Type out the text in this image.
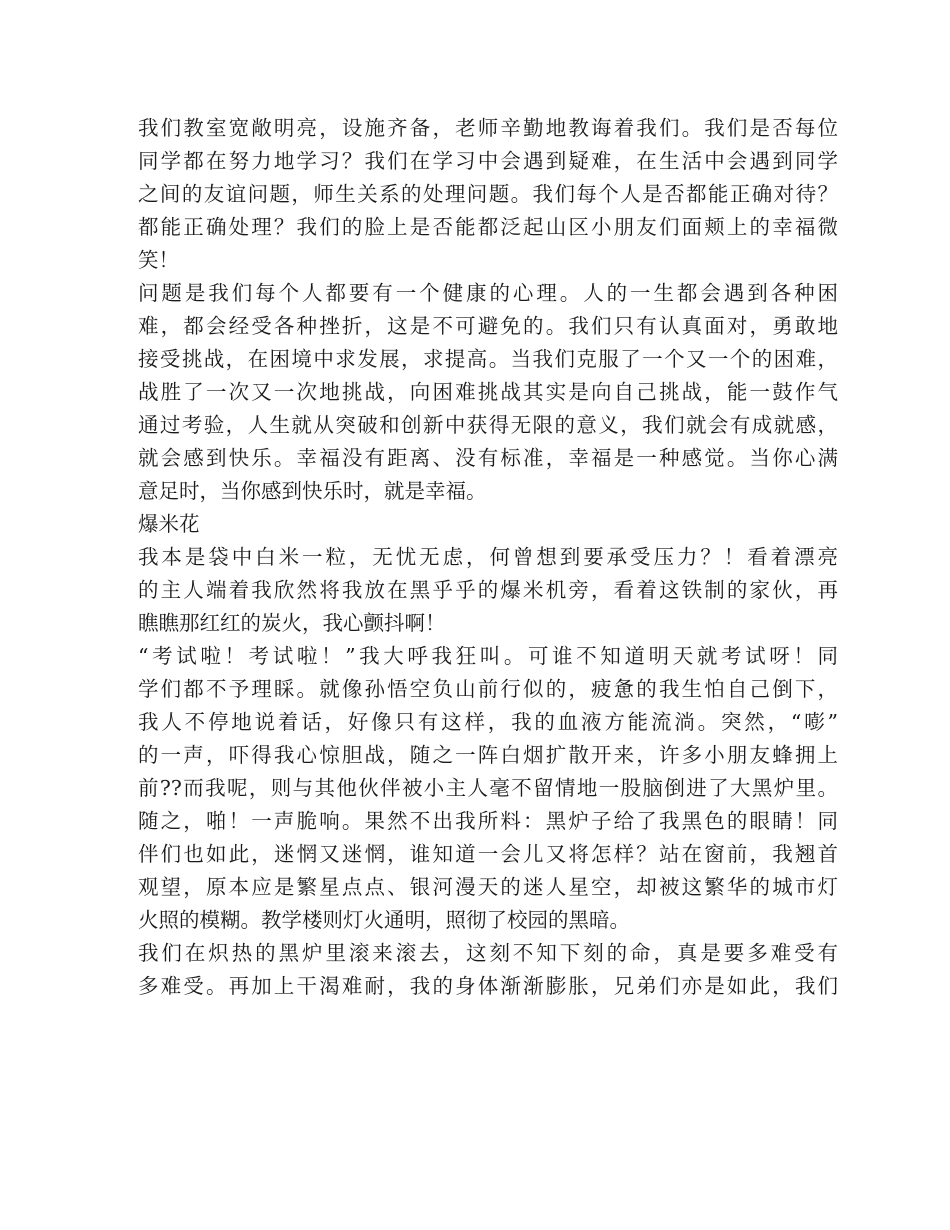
我们教室宽敞明亮，设施齐备，老师辛勤地教诲着我们。我们是否每位
同学都在努力地学习？我们在学习中会遇到疑难，在生活中会遇到同学
之间的友谊问题，师生关系的处理问题。我们每个人是否都能正确对待？
都能正确处理？我们的脸上是否能都泛起山区小朋友们面颊上的幸福微
笑！
问题是我们每个人都要有一个健康的心理。人的一生都会遇到各种困
难，都会经受各种挫折，这是不可避免的。我们只有认真面对，勇敢地
接受挑战，在困境中求发展，求提高。当我们克服了一个又一个的困难，
战胜了一次又一次地挑战，向困难挑战其实是向自己挑战，能一鼓作气
通过考验，人生就从突破和创新中获得无限的意义，我们就会有成就感，
就会感到快乐。幸福没有距离、没有标准，幸福是一种感觉。当你心满
意足时，当你感到快乐时，就是幸福。
爆米花
我本是袋中白米一粒，无忧无虑，何曾想到要承受压力？！看着漂亮
的主人端着我欣然将我放在黑乎乎的爆米机旁，看着这铁制的家伙，再
瞧瞧那红红的炭火，我心颤抖啊！
“考试啦！考试啦！”我大呼我狂叫。可谁不知道明天就考试呀！同
学们都不予理睬。就像孙悟空负山前行似的，疲惫的我生怕自己倒下，
我人不停地说着话，好像只有这样，我的血液方能流淌。突然，“嘭”
的一声，吓得我心惊胆战，随之一阵白烟扩散开来，许多小朋友蜂拥上
前??而我呢，则与其他伙伴被小主人毫不留情地一股脑倒进了大黑炉里。
随之，啪！一声脆响。果然不出我所料：黑炉子给了我黑色的眼睛！同
伴们也如此，迷惘又迷惘，谁知道一会儿又将怎样？站在窗前，我翘首
观望，原本应是繁星点点、银河漫天的迷人星空，却被这繁华的城市灯
火照的模糊。教学楼则灯火通明，照彻了校园的黑暗。
我们在炽热的黑炉里滚来滚去，这刻不知下刻的命，真是要多难受有
多难受。再加上干渴难耐，我的身体渐渐膨胀，兄弟们亦是如此，我们
